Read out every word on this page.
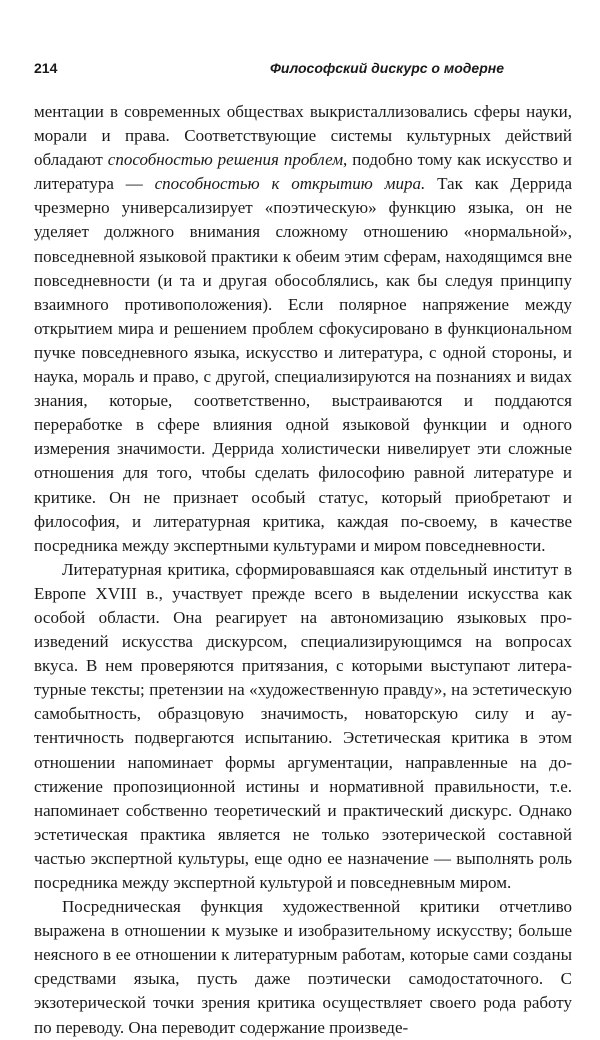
214	Философский дискурс о модерне

ментации в современных обществах выкристаллизовались сферы науки, морали и права. Соответствующие системы культурных действий обладают способностью решения проблем, подобно тому как искусство и литература — способностью к открытию мира. Так как Деррида чрезмерно универсализирует «поэтическую» функцию языка, он не уделяет должного внимания сложному отношению «нормальной», повседневной языковой практики к обеим этим сферам, находящимся вне повседневности (и та и другая обособлялись, как бы следуя принципу взаимного противоположения). Если полярное напряжение между открытием мира и решением проблем сфокусировано в функциональном пучке повседневного языка, искусство и литература, с одной стороны, и наука, мораль и право, с другой, специализируются на познаниях и видах знания, которые, соответственно, выстраиваются и поддаются переработке в сфере влияния одной языковой функции и одного измерения значимости. Деррида холистически нивелирует эти сложные отношения для того, чтобы сделать философию равной литературе и критике. Он не признает особый статус, который приобретают и философия, и литературная критика, каждая по-своему, в качестве посредника между экспертными культурами и миром повседневности.

Литературная критика, сформировавшаяся как отдельный институт в Европе XVIII в., участвует прежде всего в выделении искусства как особой области. Она реагирует на автономизацию языковых произведений искусства дискурсом, специализирующимся на вопросах вкуса. В нем проверяются притязания, с которыми выступают литературные тексты; претензии на «художественную правду», на эстетическую самобытность, образцовую значимость, новаторскую силу и аутентичность подвергаются испытанию. Эстетическая критика в этом отношении напоминает формы аргументации, направленные на достижение пропозиционной истины и нормативной правильности, т.е. напоминает собственно теоретический и практический дискурс. Однако эстетическая практика является не только эзотерической составной частью экспертной культуры, еще одно ее назначение — выполнять роль посредника между экспертной культурой и повседневным миром.

Посредническая функция художественной критики отчетливо выражена в отношении к музыке и изобразительному искусству; больше неясного в ее отношении к литературным работам, которые сами созданы средствами языка, пусть даже поэтически самодостаточного. С экзотерической точки зрения критика осуществляет своего рода работу по переводу. Она переводит содержание произведе-
